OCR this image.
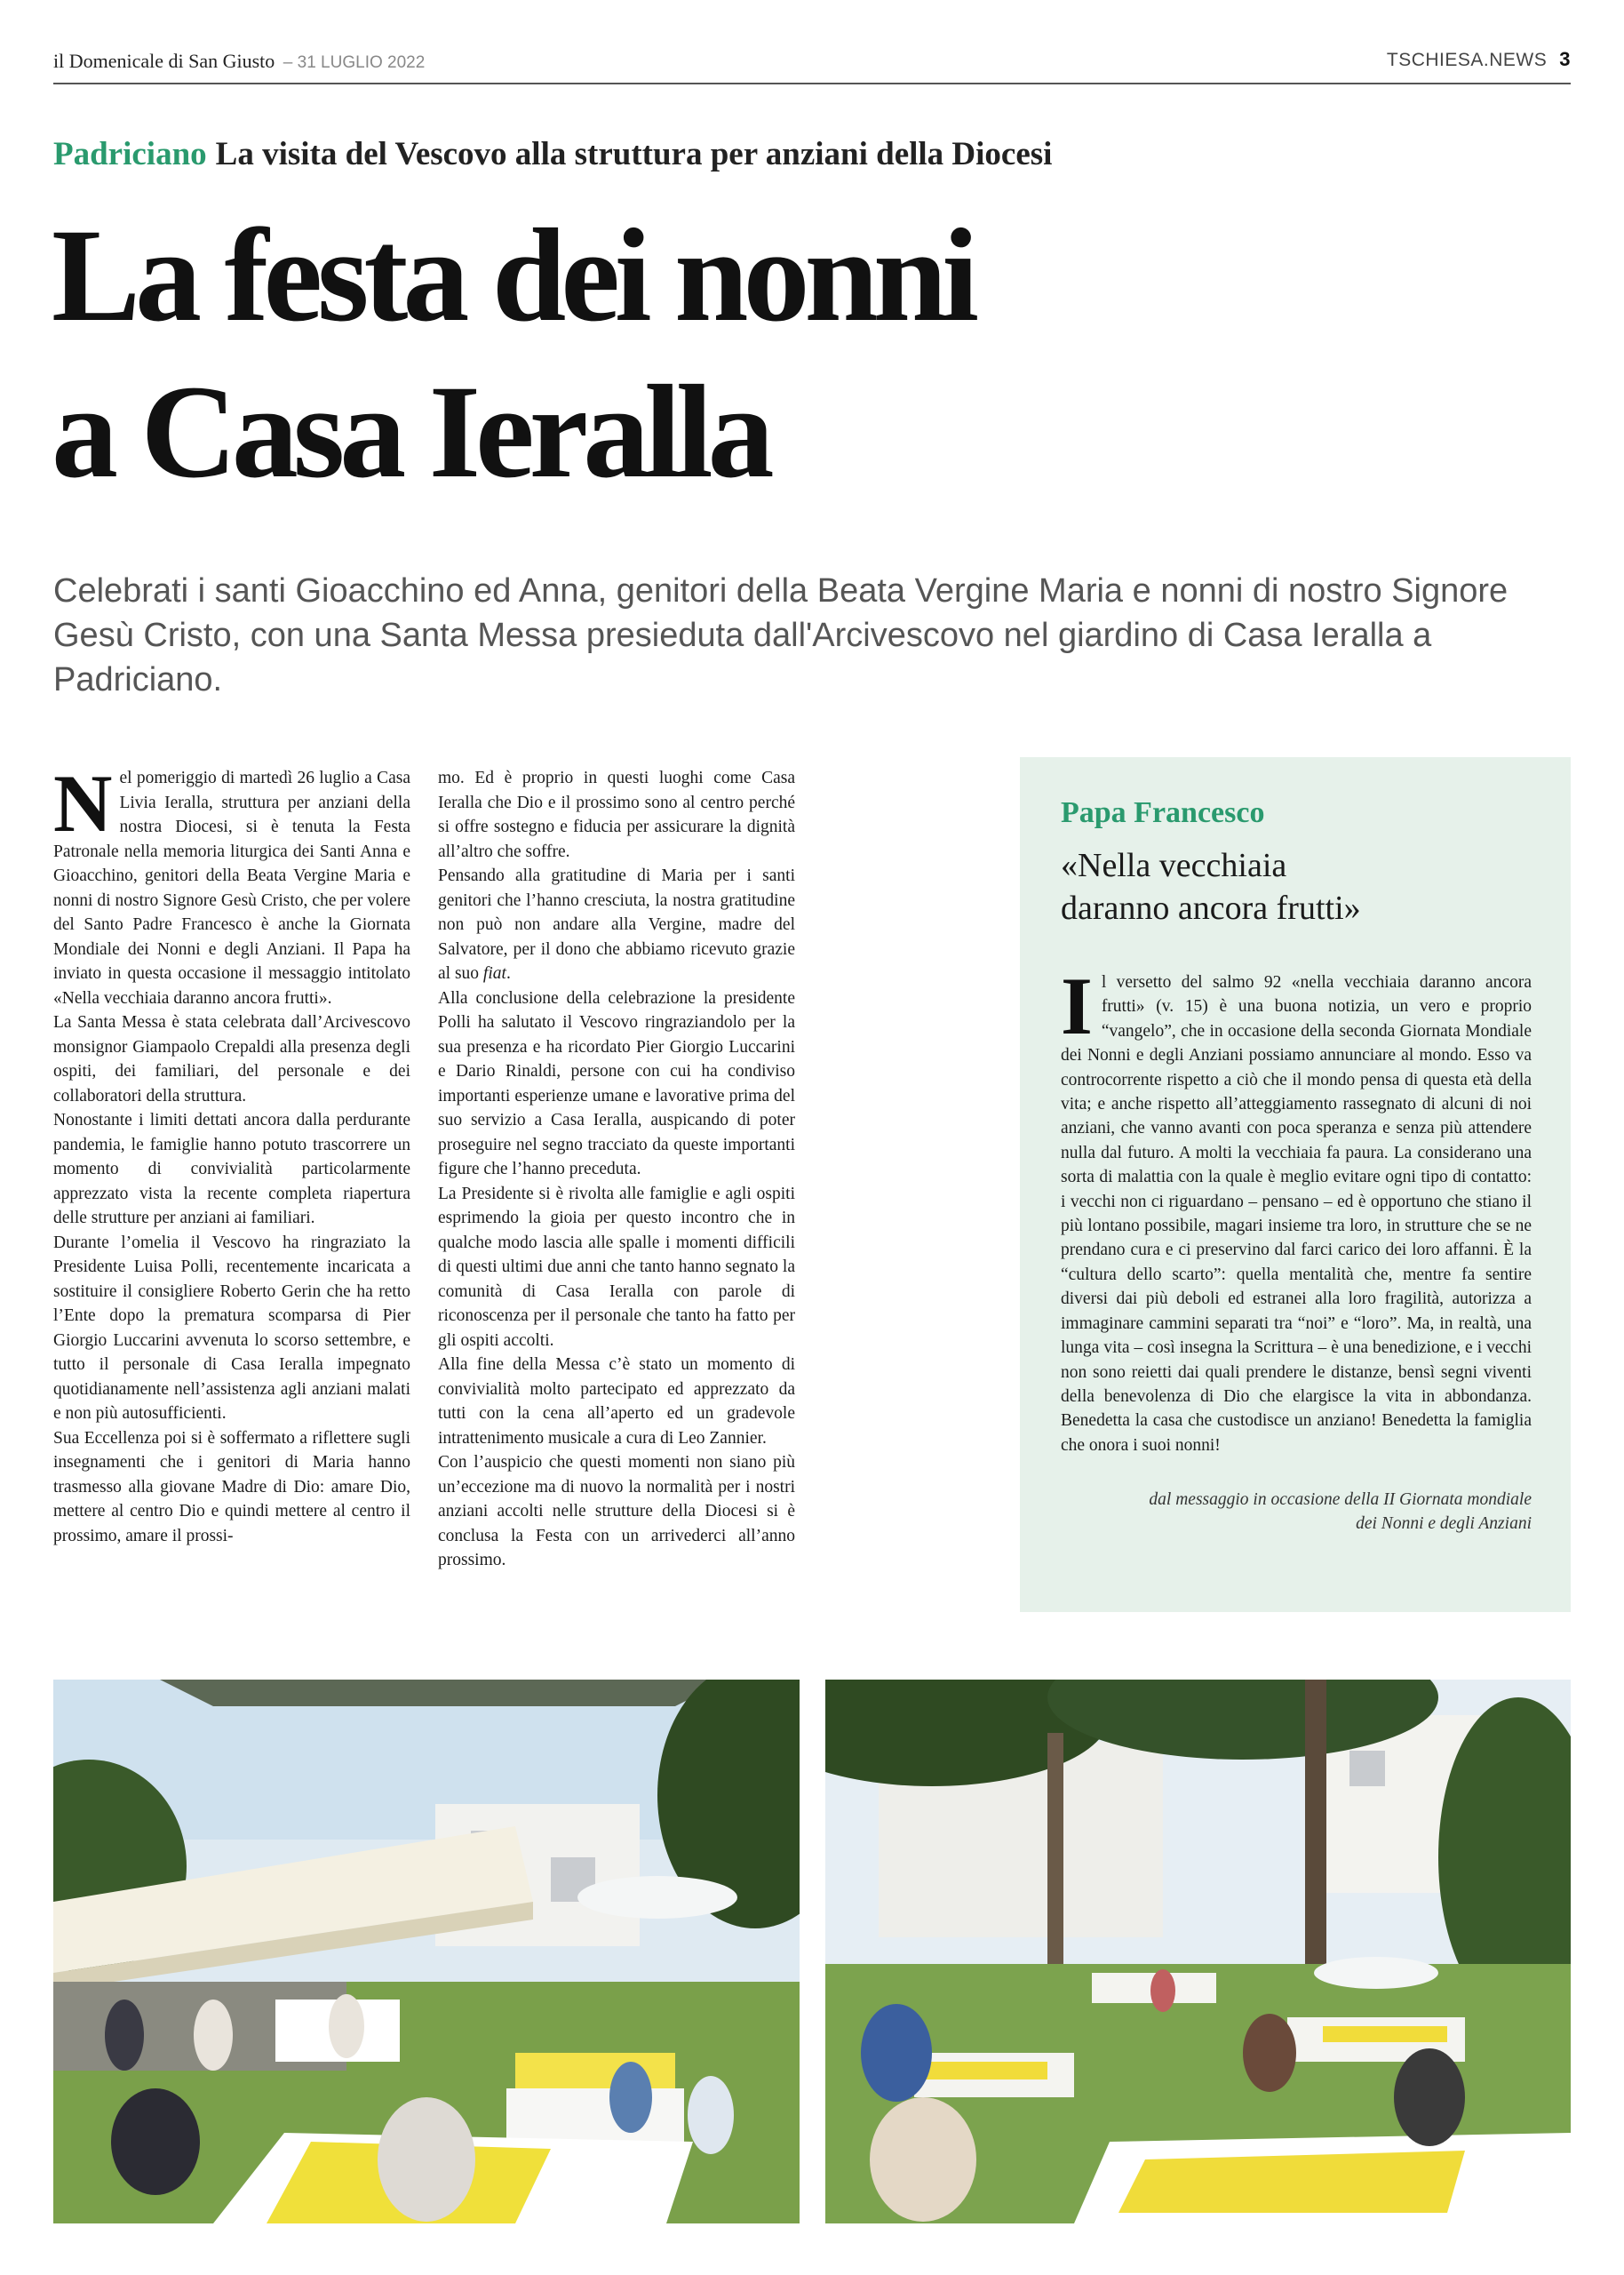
il Domenicale di San Giusto – 31 LUGLIO 2022	TSCHIESA.NEWS 3
Padriciano La visita del Vescovo alla struttura per anziani della Diocesi
La festa dei nonni
a Casa Ieralla
Celebrati i santi Gioacchino ed Anna, genitori della Beata Vergine Maria e nonni di nostro Signore Gesù Cristo, con una Santa Messa presieduta dall'Arcivescovo nel giardino di Casa Ieralla a Padriciano.

Nel pomeriggio di martedì 26 luglio a Casa Livia Ieralla, struttura per anziani della nostra Diocesi, si è tenuta la Festa Patronale nella memoria liturgica dei Santi Anna e Gioacchino, genitori della Beata Vergine Maria e nonni di nostro Signore Gesù Cristo, che per volere del Santo Padre Francesco è anche la Giornata Mondiale dei Nonni e degli Anziani. Il Papa ha inviato in questa occasione il messaggio intitolato «Nella vecchiaia daranno ancora frutti».

La Santa Messa è stata celebrata dall’Arcivescovo monsignor Giampaolo Crepaldi alla presenza degli ospiti, dei familiari, del personale e dei collaboratori della struttura.

Nonostante i limiti dettati ancora dalla perdurante pandemia, le famiglie hanno potuto trascorrere un momento di convivialità particolarmente apprezzato vista la recente completa riapertura delle strutture per anziani ai familiari.

Durante l’omelia il Vescovo ha ringraziato la Presidente Luisa Polli, recentemente incaricata a sostituire il consigliere Roberto Gerin che ha retto l’Ente dopo la prematura scomparsa di Pier Giorgio Luccarini avvenuta lo scorso settembre, e tutto il personale di Casa Ieralla impegnato quotidianamente nell’assistenza agli anziani malati e non più autosufficienti.

Sua Eccellenza poi si è soffermato a riflettere sugli insegnamenti che i genitori di Maria hanno trasmesso alla giovane Madre di Dio: amare Dio, mettere al centro Dio e quindi mettere al centro il prossimo, amare il prossi-

mo. Ed è proprio in questi luoghi come Casa Ieralla che Dio e il prossimo sono al centro perché si offre sostegno e fiducia per assicurare la dignità all’altro che soffre.

Pensando alla gratitudine di Maria per i santi genitori che l’hanno cresciuta, la nostra gratitudine non può non andare alla Vergine, madre del Salvatore, per il dono che abbiamo ricevuto grazie al suo fiat.

Alla conclusione della celebrazione la presidente Polli ha salutato il Vescovo ringraziandolo per la sua presenza e ha ricordato Pier Giorgio Luccarini e Dario Rinaldi, persone con cui ha condiviso importanti esperienze umane e lavorative prima del suo servizio a Casa Ieralla, auspicando di poter proseguire nel segno tracciato da queste importanti figure che l’hanno preceduta.

La Presidente si è rivolta alle famiglie e agli ospiti esprimendo la gioia per questo incontro che in qualche modo lascia alle spalle i momenti difficili di questi ultimi due anni che tanto hanno segnato la comunità di Casa Ieralla con parole di riconoscenza per il personale che tanto ha fatto per gli ospiti accolti.

Alla fine della Messa c’è stato un momento di convivialità molto partecipato ed apprezzato da tutti con la cena all’aperto ed un gradevole intrattenimento musicale a cura di Leo Zannier.

Con l’auspicio che questi momenti non siano più un’eccezione ma di nuovo la normalità per i nostri anziani accolti nelle strutture della Diocesi si è conclusa la Festa con un arrivederci all’anno prossimo.

Papa Francesco
«Nella vecchiaia
daranno ancora frutti»
Il versetto del salmo 92 «nella vecchiaia daranno ancora frutti» (v. 15) è una buona notizia, un vero e proprio “vangelo”, che in occasione della seconda Giornata Mondiale dei Nonni e degli Anziani possiamo annunciare al mondo. Esso va controcorrente rispetto a ciò che il mondo pensa di questa età della vita; e anche rispetto all’atteggiamento rassegnato di alcuni di noi anziani, che vanno avanti con poca speranza e senza più attendere nulla dal futuro. A molti la vecchiaia fa paura. La considerano una sorta di malattia con la quale è meglio evitare ogni tipo di contatto: i vecchi non ci riguardano – pensano – ed è opportuno che stiano il più lontano possibile, magari insieme tra loro, in strutture che se ne prendano cura e ci preservino dal farci carico dei loro affanni. È la “cultura dello scarto”: quella mentalità che, mentre fa sentire diversi dai più deboli ed estranei alla loro fragilità, autorizza a immaginare cammini separati tra “noi” e “loro”. Ma, in realtà, una lunga vita – così insegna la Scrittura – è una benedizione, e i vecchi non sono reietti dai quali prendere le distanze, bensì segni viventi della benevolenza di Dio che elargisce la vita in abbondanza. Benedetta la casa che custodisce un anziano! Benedetta la famiglia che onora i suoi nonni!
dal messaggio in occasione della II Giornata mondiale
dei Nonni e degli Anziani
